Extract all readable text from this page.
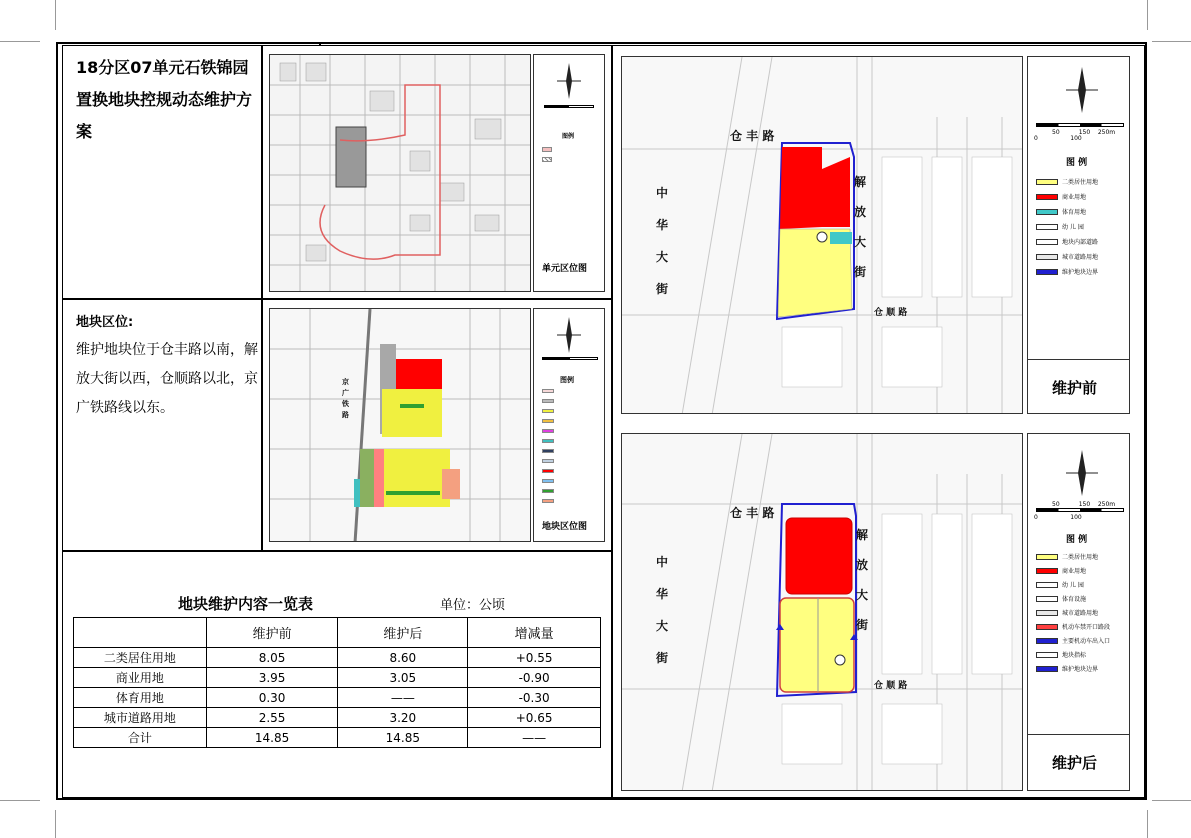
18分区07单元石铁锦园置换地块控规动态维护方案
地块区位:
维护地块位于仓丰路以南，解放大街以西，仓顺路以北，京广铁路线以东。
图例
单元区位图
京广铁路
图例
地块区位图
地块维护内容一览表	单位：公顷
	维护前	维护后	增减量
二类居住用地	8.05	8.60	+0.55
商业用地	3.95	3.05	-0.90
体育用地	0.30	——	-0.30
城市道路用地	2.55	3.20	+0.65
合计	14.85	14.85	——
仓 丰 路
解放大街
中华大街
仓 顺 路
50	150 250m
0	100
图 例
二类居住用地
商业用地
体育用地
幼 儿 园
地块内部道路
城市道路用地
维护地块边界
维护前
仓 丰 路
解放大街
中华大街
仓 顺 路
50	150 250m
0	100
图 例
二类居住用地
商业用地
幼 儿 园
体育设施
城市道路用地
机动车禁开口路段
主要机动车出入口
地块指标
维护地块边界
维护后
